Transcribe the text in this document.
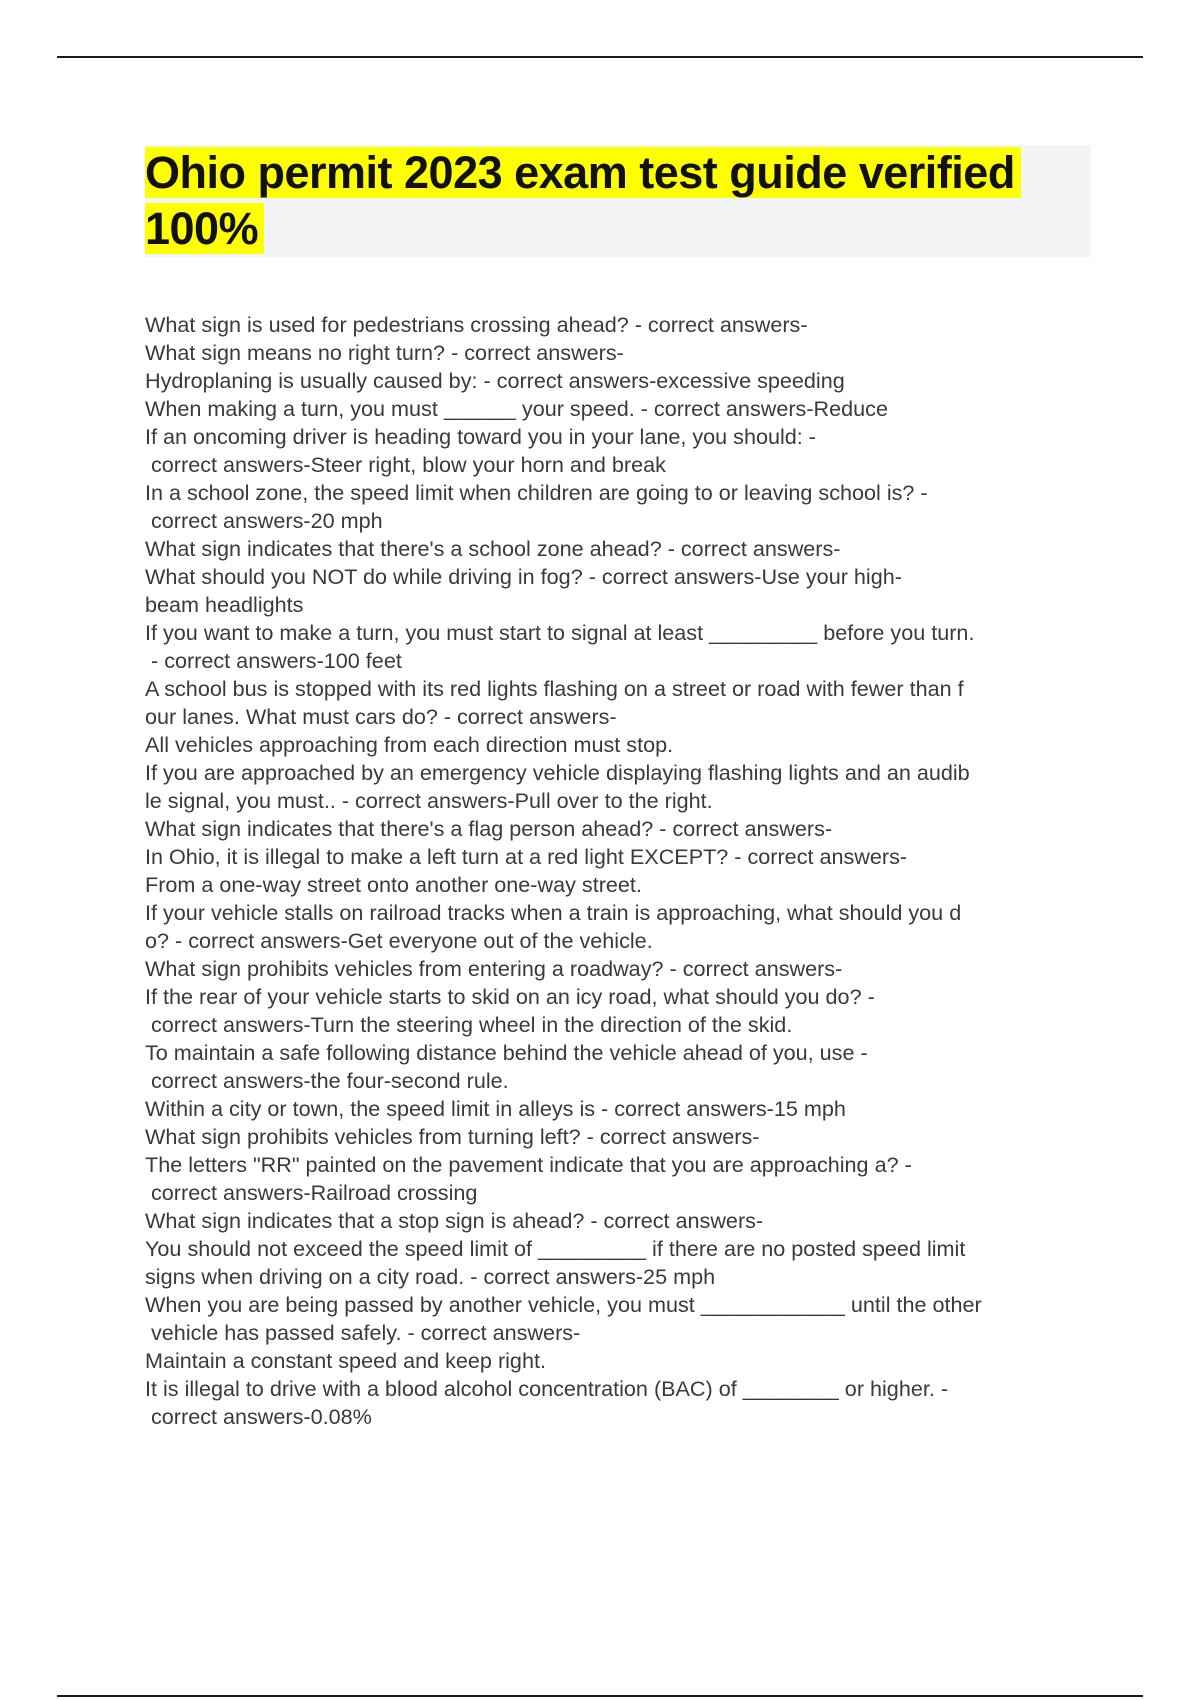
Ohio permit 2023 exam test guide verified
100%
What sign is used for pedestrians crossing ahead? - correct answers-
What sign means no right turn? - correct answers-
Hydroplaning is usually caused by: - correct answers-excessive speeding
When making a turn, you must ______ your speed. - correct answers-Reduce
If an oncoming driver is heading toward you in your lane, you should: -
correct answers-Steer right, blow your horn and break
In a school zone, the speed limit when children are going to or leaving school is? -
correct answers-20 mph
What sign indicates that there's a school zone ahead? - correct answers-
What should you NOT do while driving in fog? - correct answers-Use your high-
beam headlights
If you want to make a turn, you must start to signal at least _________ before you turn.
- correct answers-100 feet
A school bus is stopped with its red lights flashing on a street or road with fewer than f
our lanes. What must cars do? - correct answers-
All vehicles approaching from each direction must stop.
If you are approached by an emergency vehicle displaying flashing lights and an audib
le signal, you must.. - correct answers-Pull over to the right.
What sign indicates that there's a flag person ahead? - correct answers-
In Ohio, it is illegal to make a left turn at a red light EXCEPT? - correct answers-
From a one-way street onto another one-way street.
If your vehicle stalls on railroad tracks when a train is approaching, what should you d
o? - correct answers-Get everyone out of the vehicle.
What sign prohibits vehicles from entering a roadway? - correct answers-
If the rear of your vehicle starts to skid on an icy road, what should you do? -
correct answers-Turn the steering wheel in the direction of the skid.
To maintain a safe following distance behind the vehicle ahead of you, use -
correct answers-the four-second rule.
Within a city or town, the speed limit in alleys is - correct answers-15 mph
What sign prohibits vehicles from turning left? - correct answers-
The letters "RR" painted on the pavement indicate that you are approaching a? -
correct answers-Railroad crossing
What sign indicates that a stop sign is ahead? - correct answers-
You should not exceed the speed limit of _________ if there are no posted speed limit
signs when driving on a city road. - correct answers-25 mph
When you are being passed by another vehicle, you must ____________ until the other
vehicle has passed safely. - correct answers-
Maintain a constant speed and keep right.
It is illegal to drive with a blood alcohol concentration (BAC) of ________ or higher. -
correct answers-0.08%
